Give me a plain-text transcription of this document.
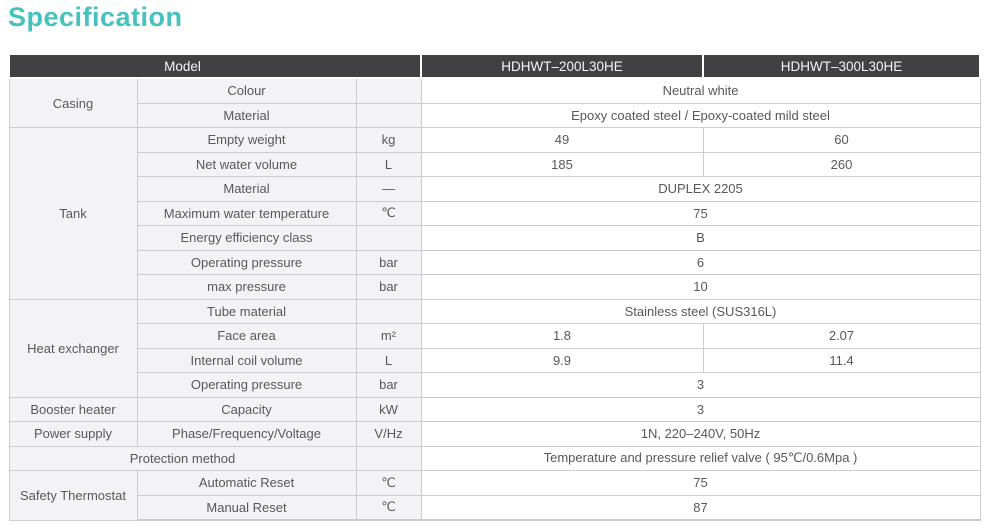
Specification
Model			HDHWT–200L30HE	HDHWT–300L30HE
Casing	Colour		Neutral white	
	Material		Epoxy coated steel / Epoxy-coated mild steel	
Tank	Empty weight	kg	49	60
	Net water volume	L	185	260
	Material	—	DUPLEX 2205	
	Maximum water temperature	℃	75	
	Energy efficiency class		B	
	Operating pressure	bar	6	
	max pressure	bar	10	
Heat exchanger	Tube material		Stainless steel (SUS316L)	
	Face area	m²	1.8	2.07
	Internal coil volume	L	9.9	11.4
	Operating pressure	bar	3	
Booster heater	Capacity	kW	3	
Power supply	Phase/Frequency/Voltage	V/Hz	1N, 220–240V, 50Hz	
Protection method			Temperature and pressure relief valve ( 95℃/0.6Mpa )	
Safety Thermostat	Automatic Reset	℃	75	
	Manual Reset	℃	87	
